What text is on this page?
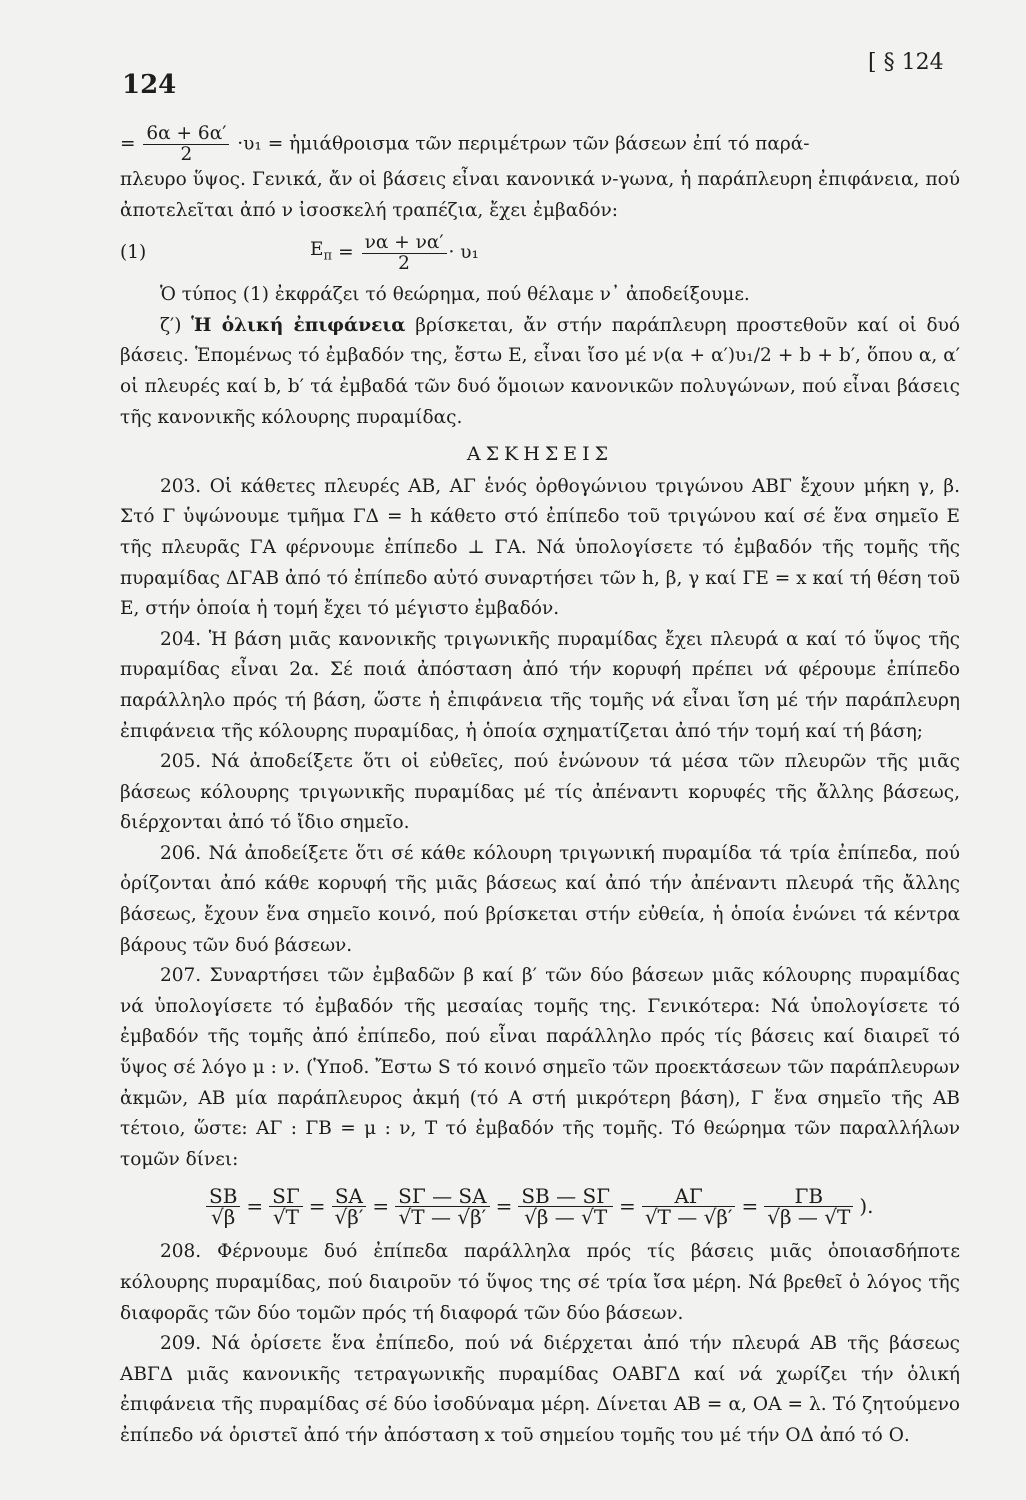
124
[ § 124

= $\frac{6\alpha + 6\alpha'}{2} \cdot\upsilon_1$ = ἡμιάθροισμα τῶν περιμέτρων τῶν βάσεων ἐπί τό παρά-

πλευρο ὕψος. Γενικά, ἄν οἱ βάσεις εἶναι κανονικά ν-γωνα, ἡ παράπλευρη ἐπιφάνεια, πού ἀποτελεῖται ἀπό ν ἰσοσκελή τραπέζια, ἔχει ἐμβαδόν:

(1)	$E_\pi = \frac{\nu\alpha + \nu\alpha'}{2} \cdot \upsilon_1$

Ὁ τύπος (1) ἐκφράζει τό θεώρημα, πού θέλαμε ν᾽ ἀποδείξουμε.

ζ′) Ἡ ὁλική ἐπιφάνεια βρίσκεται, ἄν στήν παράπλευρη προστεθοῦν καί οἱ δυό βάσεις. Ἑπομένως τό ἐμβαδόν της, ἔστω Ε, εἶναι ἴσο μέ ν(α + α′)υ₁/2 + b + b′, ὅπου α, α′ οἱ πλευρές καί b, b′ τά ἐμβαδά τῶν δυό ὅμοιων κανονικῶν πολυγώνων, πού εἶναι βάσεις τῆς κανονικῆς κόλουρης πυραμίδας.

ΑΣΚΗΣΕΙΣ

203. Οἱ κάθετες πλευρές ΑΒ, ΑΓ ἑνός ὀρθογώνιου τριγώνου ΑΒΓ ἔχουν μήκη γ, β. Στό Γ ὑψώνουμε τμῆμα ΓΔ = h κάθετο στό ἐπίπεδο τοῦ τριγώνου καί σέ ἕνα σημεῖο Ε τῆς πλευρᾶς ΓΑ φέρνουμε ἐπίπεδο ⊥ ΓΑ. Νά ὑπολογίσετε τό ἐμβαδόν τῆς τομῆς τῆς πυραμίδας ΔΓΑΒ ἀπό τό ἐπίπεδο αὐτό συναρτήσει τῶν h, β, γ καί ΓΕ = x καί τή θέση τοῦ Ε, στήν ὁποία ἡ τομή ἔχει τό μέγιστο ἐμβαδόν.

204. Ἡ βάση μιᾶς κανονικῆς τριγωνικῆς πυραμίδας ἔχει πλευρά α καί τό ὕψος τῆς πυραμίδας εἶναι 2α. Σέ ποιά ἀπόσταση ἀπό τήν κορυφή πρέπει νά φέρουμε ἐπίπεδο παράλληλο πρός τή βάση, ὥστε ἡ ἐπιφάνεια τῆς τομῆς νά εἶναι ἴση μέ τήν παράπλευρη ἐπιφάνεια τῆς κόλουρης πυραμίδας, ἡ ὁποία σχηματίζεται ἀπό τήν τομή καί τή βάση;

205. Νά ἀποδείξετε ὅτι οἱ εὐθεῖες, πού ἑνώνουν τά μέσα τῶν πλευρῶν τῆς μιᾶς βάσεως κόλουρης τριγωνικῆς πυραμίδας μέ τίς ἀπέναντι κορυφές τῆς ἄλλης βάσεως, διέρχονται ἀπό τό ἴδιο σημεῖο.

206. Νά ἀποδείξετε ὅτι σέ κάθε κόλουρη τριγωνική πυραμίδα τά τρία ἐπίπεδα, πού ὁρίζονται ἀπό κάθε κορυφή τῆς μιᾶς βάσεως καί ἀπό τήν ἀπέναντι πλευρά τῆς ἄλλης βάσεως, ἔχουν ἕνα σημεῖο κοινό, πού βρίσκεται στήν εὐθεία, ἡ ὁποία ἑνώνει τά κέντρα βάρους τῶν δυό βάσεων.

207. Συναρτήσει τῶν ἐμβαδῶν β καί β′ τῶν δύο βάσεων μιᾶς κόλουρης πυραμίδας νά ὑπολογίσετε τό ἐμβαδόν τῆς μεσαίας τομῆς της. Γενικότερα: Νά ὑπολογίσετε τό ἐμβαδόν τῆς τομῆς ἀπό ἐπίπεδο, πού εἶναι παράλληλο πρός τίς βάσεις καί διαιρεῖ τό ὕψος σέ λόγο μ : ν. (Ὑποδ. Ἔστω S τό κοινό σημεῖο τῶν προεκτάσεων τῶν παράπλευρων ἀκμῶν, ΑΒ μία παράπλευρος ἀκμή (τό Α στή μικρότερη βάση), Γ ἕνα σημεῖο τῆς ΑΒ τέτοιο, ὥστε: ΑΓ : ΓΒ = μ : ν, Τ τό ἐμβαδόν τῆς τομῆς. Τό θεώρημα τῶν παραλλήλων τομῶν δίνει:

$\frac{SB}{√\beta} = \frac{S\Gamma}{√T} = \frac{SA}{√\beta'} = \frac{S\Gamma — SA}{√T — √\beta'} = \frac{SB — S\Gamma}{√\beta — √T} = \frac{A\Gamma}{√T — √\beta'} = \frac{\Gamma B}{√\beta — √T}$ ).

208. Φέρνουμε δυό ἐπίπεδα παράλληλα πρός τίς βάσεις μιᾶς ὁποιασδήποτε κόλουρης πυραμίδας, πού διαιροῦν τό ὕψος της σέ τρία ἴσα μέρη. Νά βρεθεῖ ὁ λόγος τῆς διαφορᾶς τῶν δύο τομῶν πρός τή διαφορά τῶν δύο βάσεων.

209. Νά ὁρίσετε ἕνα ἐπίπεδο, πού νά διέρχεται ἀπό τήν πλευρά ΑΒ τῆς βάσεως ΑΒΓΔ μιᾶς κανονικῆς τετραγωνικῆς πυραμίδας ΟΑΒΓΔ καί νά χωρίζει τήν ὁλική ἐπιφάνεια τῆς πυραμίδας σέ δύο ἰσοδύναμα μέρη. Δίνεται ΑΒ = α, ΟΑ = λ. Τό ζητούμενο ἐπίπεδο νά ὁριστεῖ ἀπό τήν ἀπόσταση x τοῦ σημείου τομῆς του μέ τήν ΟΔ ἀπό τό Ο.
